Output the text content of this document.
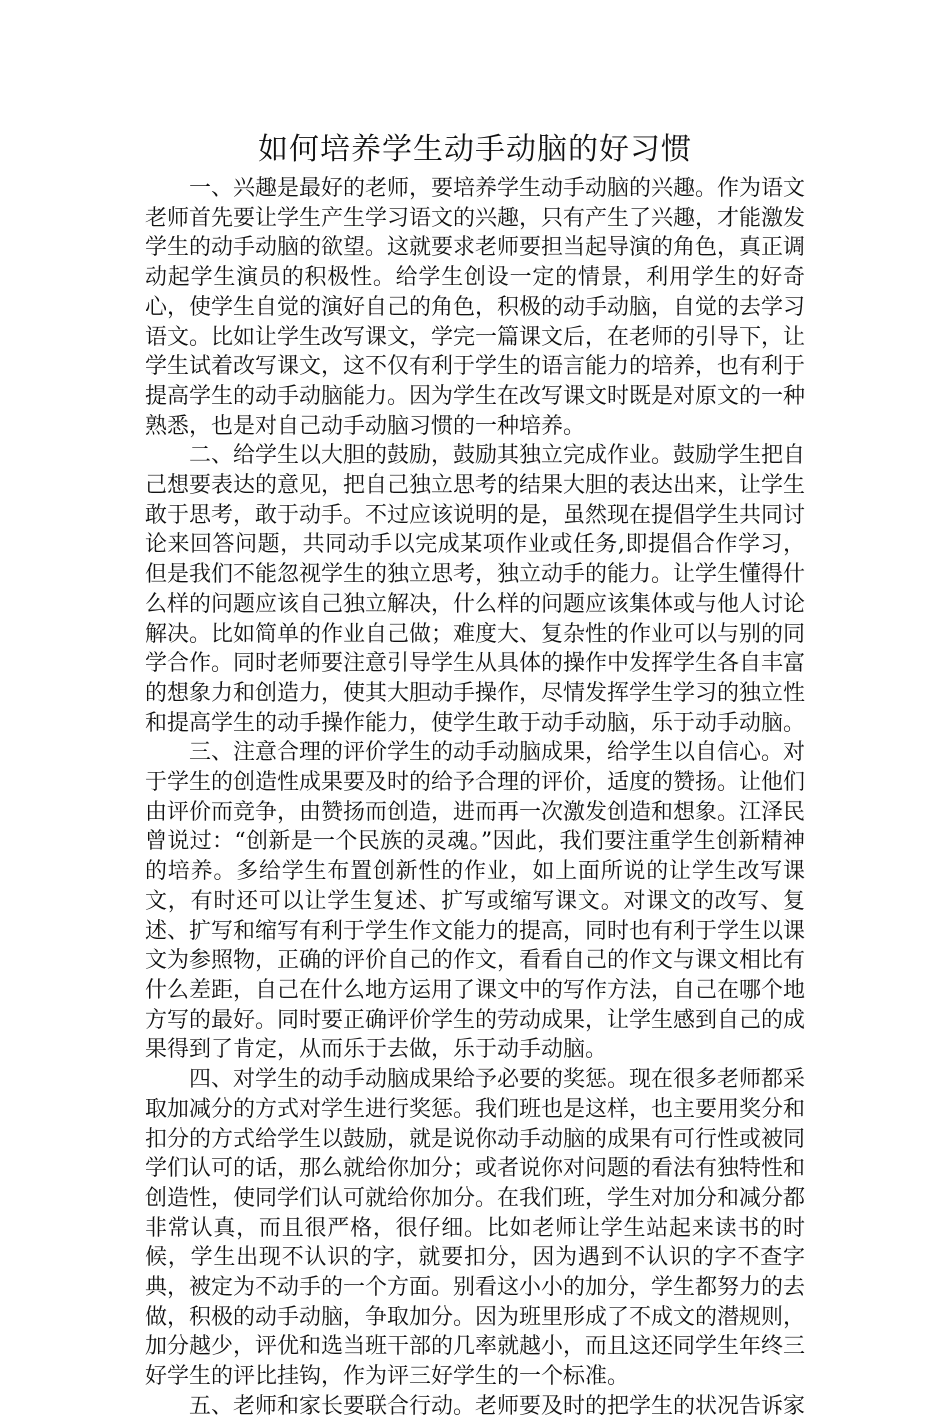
如何培养学生动手动脑的好习惯

一、兴趣是最好的老师，要培养学生动手动脑的兴趣。作为语文老师首先要让学生产生学习语文的兴趣，只有产生了兴趣，才能激发学生的动手动脑的欲望。这就要求老师要担当起导演的角色，真正调动起学生演员的积极性。给学生创设一定的情景，利用学生的好奇心，使学生自觉的演好自己的角色，积极的动手动脑，自觉的去学习语文。比如让学生改写课文，学完一篇课文后，在老师的引导下，让学生试着改写课文，这不仅有利于学生的语言能力的培养，也有利于提高学生的动手动脑能力。因为学生在改写课文时既是对原文的一种熟悉，也是对自己动手动脑习惯的一种培养。

二、给学生以大胆的鼓励，鼓励其独立完成作业。鼓励学生把自己想要表达的意见，把自己独立思考的结果大胆的表达出来，让学生敢于思考，敢于动手。不过应该说明的是，虽然现在提倡学生共同讨论来回答问题，共同动手以完成某项作业或任务,即提倡合作学习，但是我们不能忽视学生的独立思考，独立动手的能力。让学生懂得什么样的问题应该自己独立解决，什么样的问题应该集体或与他人讨论解决。比如简单的作业自己做；难度大、复杂性的作业可以与别的同学合作。同时老师要注意引导学生从具体的操作中发挥学生各自丰富的想象力和创造力，使其大胆动手操作，尽情发挥学生学习的独立性和提高学生的动手操作能力，使学生敢于动手动脑，乐于动手动脑。

三、注意合理的评价学生的动手动脑成果，给学生以自信心。对于学生的创造性成果要及时的给予合理的评价，适度的赞扬。让他们由评价而竞争，由赞扬而创造，进而再一次激发创造和想象。江泽民曾说过：“创新是一个民族的灵魂。”因此，我们要注重学生创新精神的培养。多给学生布置创新性的作业，如上面所说的让学生改写课文，有时还可以让学生复述、扩写或缩写课文。对课文的改写、复述、扩写和缩写有利于学生作文能力的提高，同时也有利于学生以课文为参照物，正确的评价自己的作文，看看自己的作文与课文相比有什么差距，自己在什么地方运用了课文中的写作方法，自己在哪个地方写的最好。同时要正确评价学生的劳动成果，让学生感到自己的成果得到了肯定，从而乐于去做，乐于动手动脑。

四、对学生的动手动脑成果给予必要的奖惩。现在很多老师都采取加减分的方式对学生进行奖惩。我们班也是这样，也主要用奖分和扣分的方式给学生以鼓励，就是说你动手动脑的成果有可行性或被同学们认可的话，那么就给你加分；或者说你对问题的看法有独特性和创造性，使同学们认可就给你加分。在我们班，学生对加分和减分都非常认真，而且很严格，很仔细。比如老师让学生站起来读书的时候，学生出现不认识的字，就要扣分，因为遇到不认识的字不查字典，被定为不动手的一个方面。别看这小小的加分，学生都努力的去做，积极的动手动脑，争取加分。因为班里形成了不成文的潜规则，加分越少，评优和选当班干部的几率就越小，而且这还同学生年终三好学生的评比挂钩，作为评三好学生的一个标准。

五、老师和家长要联合行动。老师要及时的把学生的状况告诉家
